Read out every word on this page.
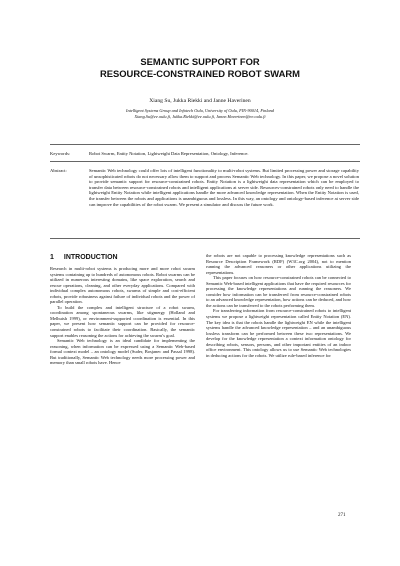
SEMANTIC SUPPORT FOR
RESOURCE-CONSTRAINED ROBOT SWARM
Xiang Su, Jukka Riekki and Janne Haverinen
Intelligent Systems Group and Infotech Oulu, University of Oulu, FIN-90014, Finland
Xiang.Su@ee.oulu.fi, Jukka.Riekki@ee.oulu.fi, Janne.Haverinen@ee.oulu.fi
Keywords:	Robot Swarm, Entity Notation, Lightweight Data Representation, Ontology, Inference.
Abstract:	Semantic Web technology could offer lots of intelligent functionality to multi-robot systems. But limited processing power and storage capability of unsophisticated robots do not necessary allow them to support and process Semantic Web technology. In this paper, we propose a novel solution to provide semantic support for resource-constrained robots. Entity Notation is a lightweight data representation which can be employed to transfer data between resource-constrained robots and intelligent applications at server side. Resources-constrained robots only need to handle the lightweight Entity Notation while intelligent applications handle the more advanced knowledge representation. When the Entity Notation is used, the transfer between the robots and applications is unambiguous and lossless. In this way, an ontology and ontology-based inference at server side can improve the capabilities of the robot swarm. We present a simulator and discuss the future work.
1 INTRODUCTION

Research in multi-robot systems is producing more and more robot swarm systems containing up to hundreds of autonomous robots. Robot swarms can be utilized in numerous interesting domains, like space exploration, search and rescue operations, cleaning, and other everyday applications. Compared with individual complex autonomous robots, swarms of simple and cost-efficient robots, provide robustness against failure of individual robots and the power of parallel operation.

To build the complex and intelligent structure of a robot swarm, coordination among spontaneous swarms, like stigmergy (Holland and Melhuish 1999), or environment-supported coordination is essential. In this paper, we present how semantic support can be provided for resource-constrained robots to facilitate their coordination. Basically, the semantic support enables reasoning the actions for achieving the swarm’s goal.

Semantic Web technology is an ideal candidate for implementing the reasoning, when information can be expressed using a Semantic Web-based formal context model – an ontology model (Suder, Bosjanec and Passal 1998). But traditionally, Semantic Web technology needs more processing power and memory than small robots have. Hence

the robots are not capable to processing knowledge representations such as Resource Description Framework (RDF) (W3C.org 2004), not to mention running the advanced reasoners or other applications utilizing the representations.

This paper focuses on how resource-constrained robots can be connected to Semantic Web-based intelligent applications that have the required resources for processing the knowledge representations and running the reasoners. We consider how information can be transferred from resource-constrained robots to an advanced knowledge representation, how actions can be deduced, and how the actions can be transferred to the robots performing them.

For transferring information from resource-constrained robots to intelligent systems we propose a lightweight representation called Entity Notation (EN). The key idea is that the robots handle the lightweight EN while the intelligent systems handle the advanced knowledge representation – and an unambiguous lossless transform can be performed between these two representations. We develop for the knowledge representation a context information ontology for describing robots, sensors, persons, and other important entities of an indoor office environment. This ontology allows us to use Semantic Web technologies in deducing actions for the robots. We utilize rule-based inference for

271
